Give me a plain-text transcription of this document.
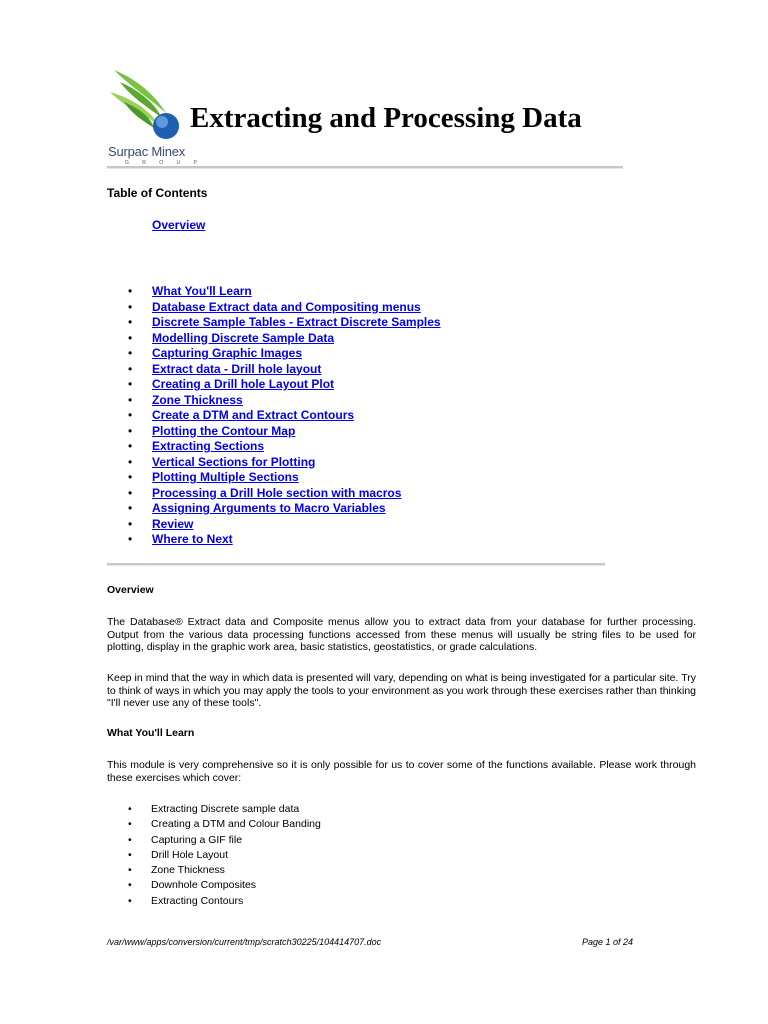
Surpac Minex
G R O U P
Extracting and Processing Data
Table of Contents
Overview
• What You'll Learn
• Database Extract data and Compositing menus
• Discrete Sample Tables - Extract Discrete Samples
• Modelling Discrete Sample Data
• Capturing Graphic Images
• Extract data - Drill hole layout
• Creating a Drill hole Layout Plot
• Zone Thickness
• Create a DTM and Extract Contours
• Plotting the Contour Map
• Extracting Sections
• Vertical Sections for Plotting
• Plotting Multiple Sections
• Processing a Drill Hole section with macros
• Assigning Arguments to Macro Variables
• Review
• Where to Next
Overview
The Database® Extract data and Composite menus allow you to extract data from your database for further processing. Output from the various data processing functions accessed from these menus will usually be string files to be used for plotting, display in the graphic work area, basic statistics, geostatistics, or grade calculations.
Keep in mind that the way in which data is presented will vary, depending on what is being investigated for a particular site. Try to think of ways in which you may apply the tools to your environment as you work through these exercises rather than thinking "I'll never use any of these tools".
What You'll Learn
This module is very comprehensive so it is only possible for us to cover some of the functions available. Please work through these exercises which cover:
• Extracting Discrete sample data
• Creating a DTM and Colour Banding
• Capturing a GIF file
• Drill Hole Layout
• Zone Thickness
• Downhole Composites
• Extracting Contours
/var/www/apps/conversion/current/tmp/scratch30225/104414707.doc	Page 1 of 24
